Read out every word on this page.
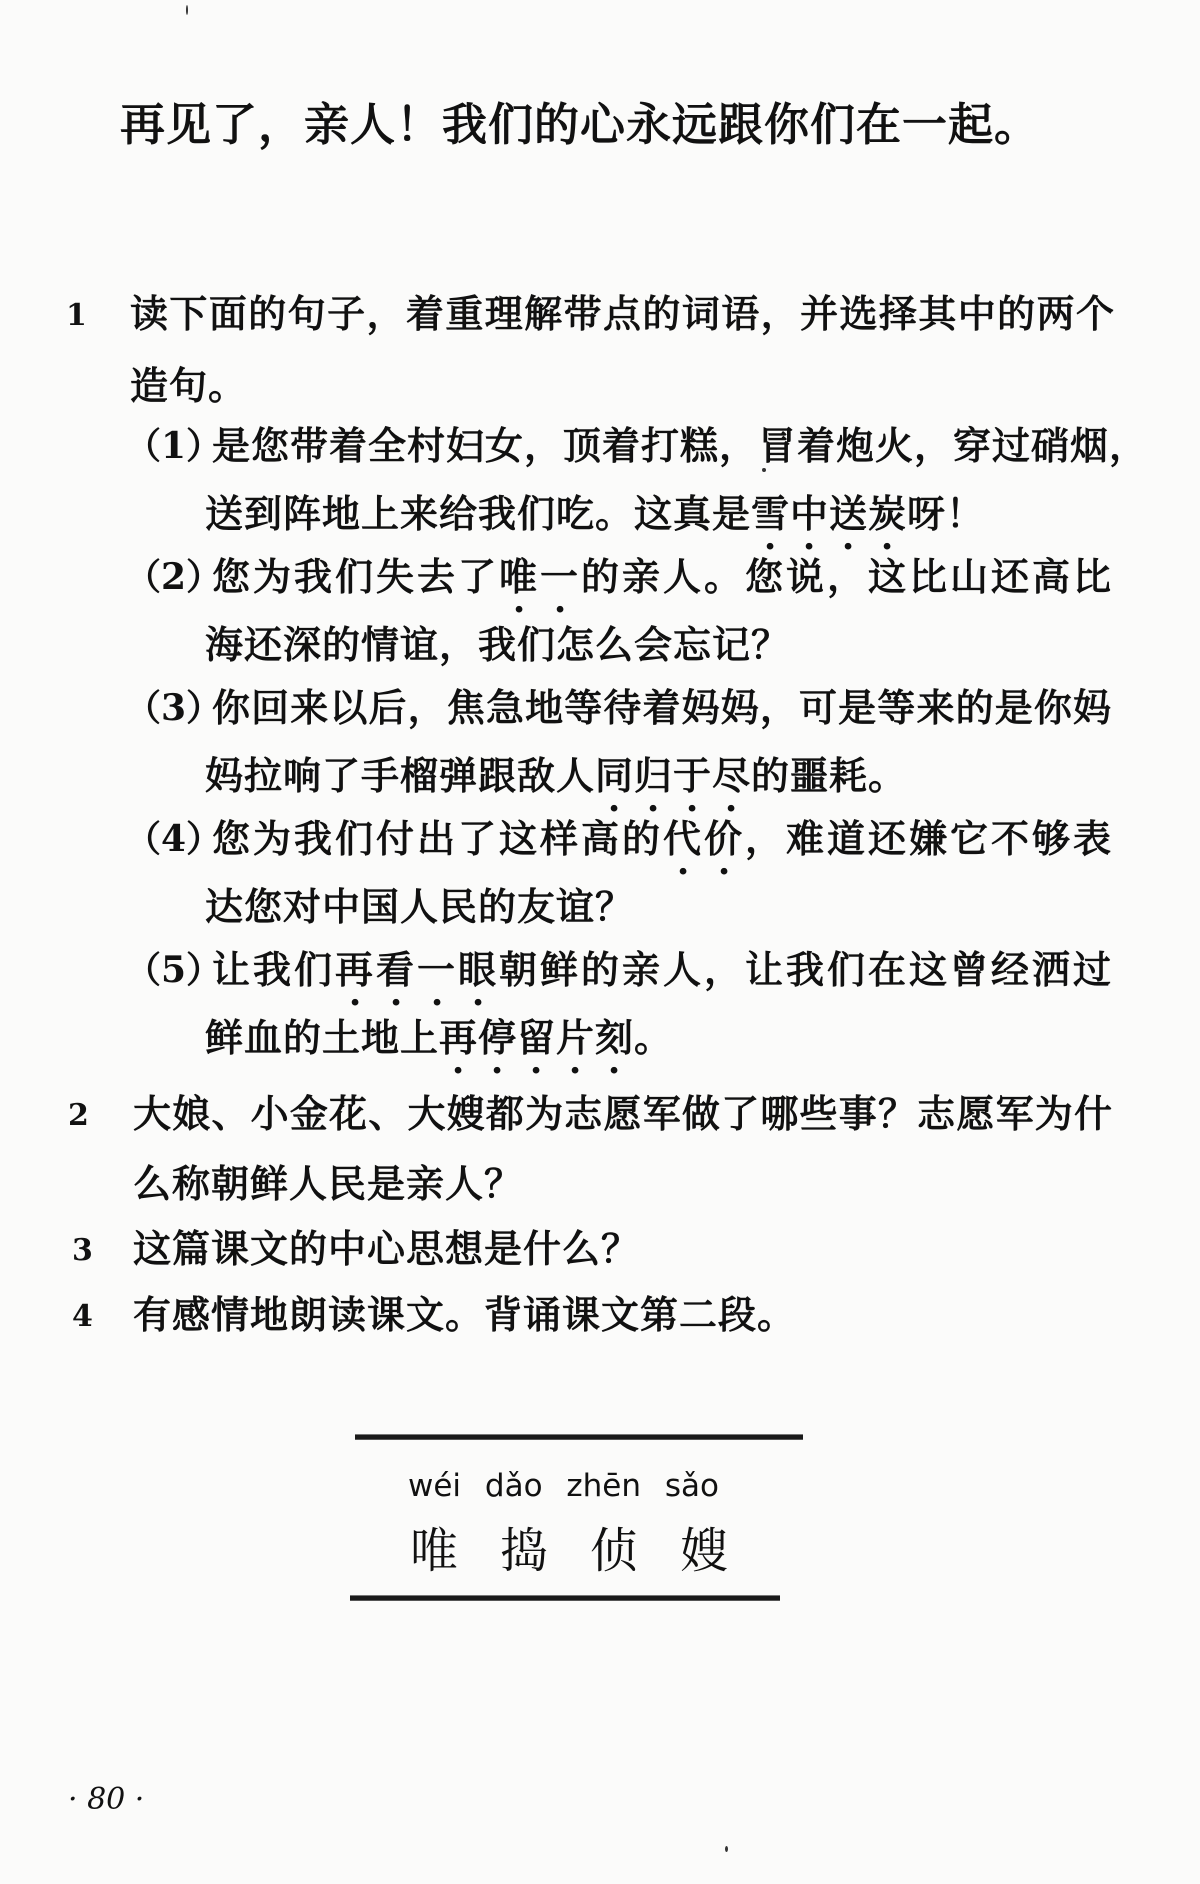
再见了，亲人！我们的心永远跟你们在一起。
1 读下面的句子，着重理解带点的词语，并选择其中的两个
造句。
（1）
是您带着全村妇女，顶着打糕，冒着炮火，穿过硝烟，
送到阵地上来给我们吃。这真是雪中送炭呀！
（2）
您为我们失去了唯一的亲人。您说，这比山还高比
海还深的情谊，我们怎么会忘记？
（3）
你回来以后，焦急地等待着妈妈，可是等来的是你妈
妈拉响了手榴弹跟敌人同归于尽的噩耗。
（4）
您为我们付出了这样高的代价，难道还嫌它不够表
达您对中国人民的友谊？
（5）
让我们再看一眼朝鲜的亲人，让我们在这曾经洒过
鲜血的土地上再停留片刻。
2 大娘、小金花、大嫂都为志愿军做了哪些事？志愿军为什
么称朝鲜人民是亲人？
3 这篇课文的中心思想是什么？
4 有感情地朗读课文。背诵课文第二段。
wéi dǎo zhēn sǎo
唯捣侦嫂
· 80 ·
